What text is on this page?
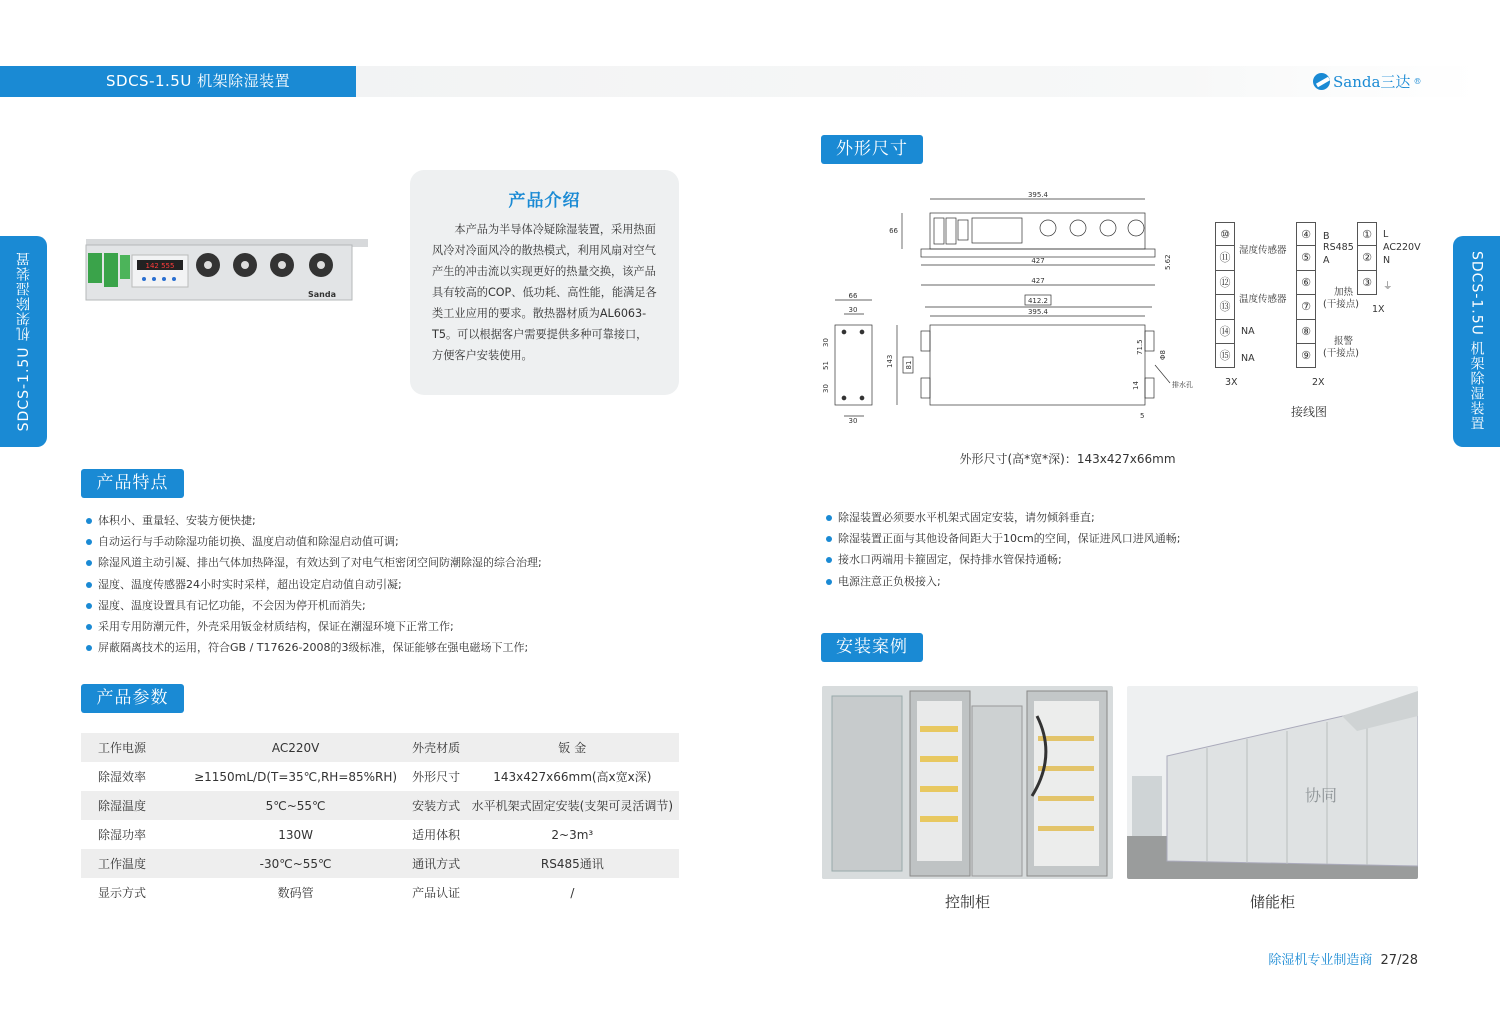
SDCS-1.5U 机架除湿装置	Sanda三达 ®
SDCS-1.5U 机架除湿装置	SDCS-1.5U 机架除湿装置
142 555
Sanda
产品介绍

本产品为半导体冷疑除湿装置，采用热面风冷对冷面风冷的散热模式，利用风扇对空气产生的冲击流以实现更好的热量交换，该产品具有较高的COP、低功耗、高性能，能满足各类工业应用的要求。散热器材质为AL6063-T5。可以根据客户需要提供多种可靠接口，方便客户安装使用。

产品特点
体积小、重量轻、安装方便快捷;
自动运行与手动除湿功能切换、温度启动值和除湿启动值可调;
除湿风道主动引凝、排出气体加热降湿，有效达到了对电气柜密闭空间防潮除湿的综合治理;
湿度、温度传感器24小时实时采样，超出设定启动值自动引凝;
湿度、温度设置具有记忆功能，不会因为停开机而消失;
采用专用防潮元件，外壳采用钣金材质结构，保证在潮湿环境下正常工作;
屏蔽隔离技术的运用，符合GB / T17626-2008的3级标准，保证能够在强电磁场下工作;
产品参数
工作电源	AC220V	外壳材质	钣 金
除湿效率	≥1150mL/D(T=35℃,RH=85%RH)	外形尺寸	143x427x66mm(高x宽x深)
除湿温度	5℃~55℃	安装方式	水平机架式固定安装(支架可灵活调节)
除湿功率	130W	适用体积	2~3m³
工作温度	-30℃~55℃	通讯方式	RS485通讯
显示方式	数码管	产品认证	/
外形尺寸
395.4
427
66
5.62
427
412.2
395.4
143 81
71.5
Φ8
14
5
排水孔
66
30
30
30
51
30
外形尺寸(高*宽*深)：143x427x66mm
⑩
⑪
⑫
⑬
⑭
⑮
④
⑤
⑥
⑦
⑧
⑨
①
②
③
湿度传感器
温度传感器
NA
NA
B
RS485
A
加热
(干接点)
报警
(干接点)
L
AC220V
N
⏚
3X	2X
1X
接线图
除湿装置必须要水平机架式固定安装，请勿倾斜垂直;
除湿装置正面与其他设备间距大于10cm的空间，保证进风口进风通畅;
接水口两端用卡箍固定，保持排水管保持通畅;
电源注意正负极接入;
安装案例
协同
控制柜	储能柜
除湿机专业制造商 27/28
